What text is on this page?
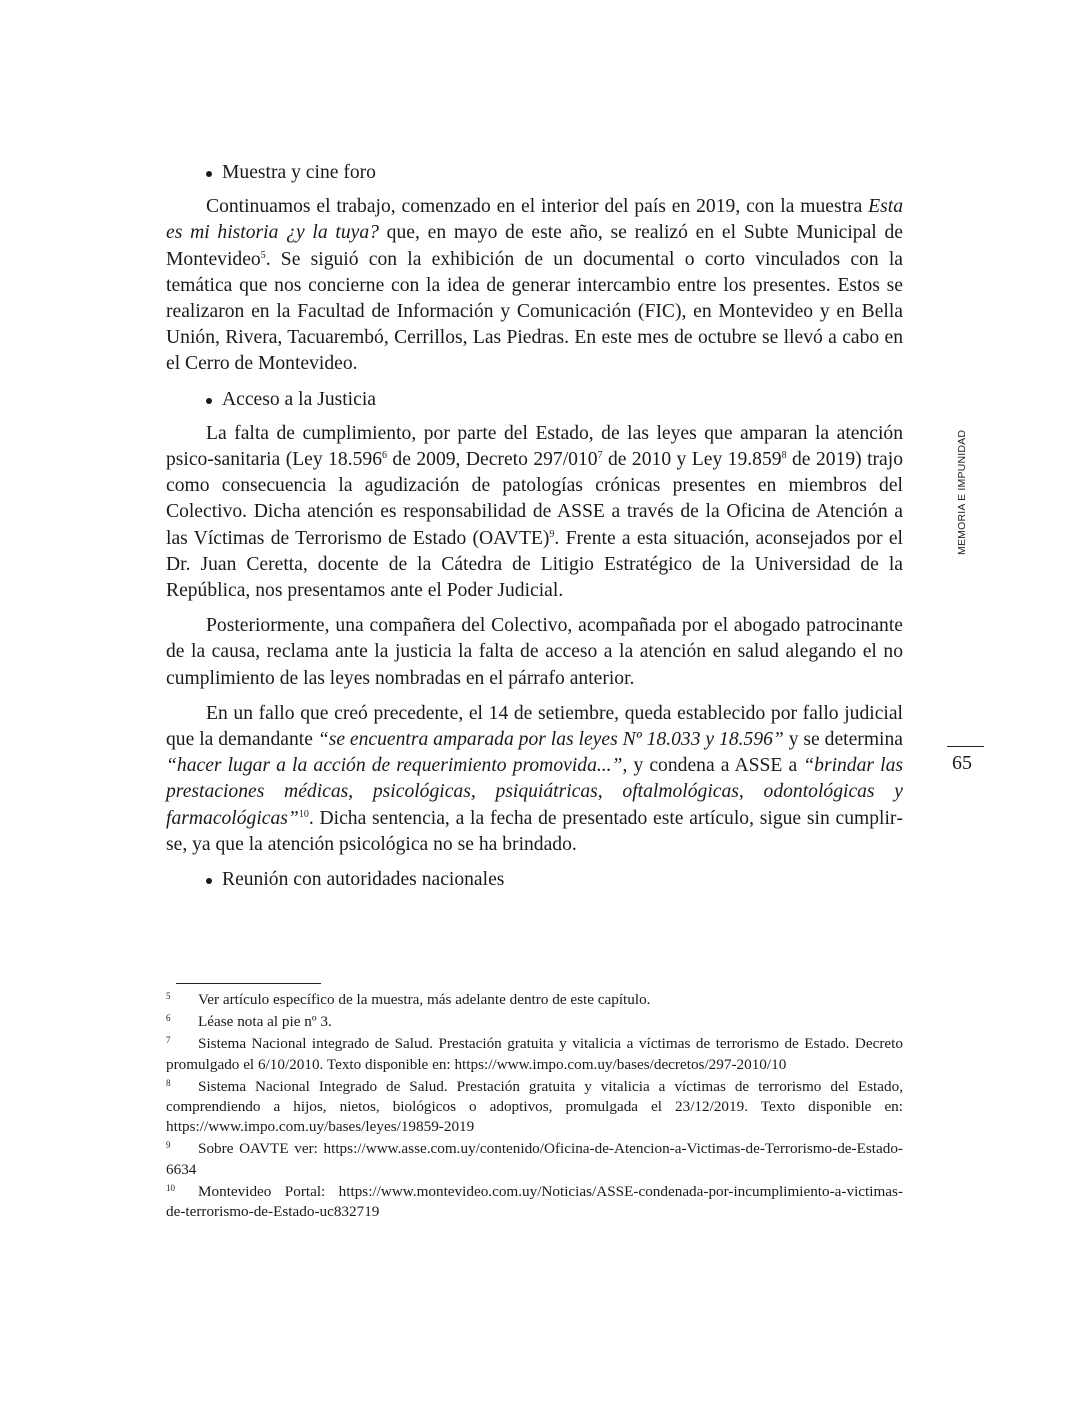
Muestra y cine foro

Continuamos el trabajo, comenzado en el interior del país en 2019, con la muestra Esta es mi historia ¿y la tuya? que, en mayo de este año, se realizó en el Subte Municipal de Montevideo$^5$. Se siguió con la exhibición de un documental o corto vinculados con la temática que nos concierne con la idea de generar intercambio entre los presentes. Estos se realizaron en la Facultad de Información y Comunicación (FIC), en Montevideo y en Bella Unión, Rivera, Tacuarembó, Cerrillos, Las Piedras. En este mes de octubre se llevó a cabo en el Cerro de Montevideo.

Acceso a la Justicia

La falta de cumplimiento, por parte del Estado, de las leyes que amparan la atención psico-sanitaria (Ley 18.596$^6$ de 2009, Decreto $297/010^7$ de 2010 y Ley 19.859$^8$ de 2019) trajo como consecuencia la agudización de patologías crónicas presentes en miembros del Colectivo. Dicha atención es responsabilidad de ASSE a través de la Oficina de Atención a las Víctimas de Terrorismo de Estado (OAVTE)$^9$. Frente a esta situación, aconsejados por el Dr. Juan Ceretta, docente de la Cátedra de Litigio Estratégico de la Universidad de la República, nos presentamos ante el Poder Judicial.

Posteriormente, una compañera del Colectivo, acompañada por el abogado patrocinante de la causa, reclama ante la justicia la falta de acceso a la atención en salud alegando el no cumplimiento de las leyes nombradas en el párrafo anterior.

En un fallo que creó precedente, el 14 de setiembre, queda establecido por fallo judicial que la demandante “se encuentra amparada por las leyes Nº 18.033 y 18.596” y se determina “hacer lugar a la acción de requerimiento promovida...”, y condena a ASSE a “brindar las prestaciones médicas, psicológicas, psiquiátricas, oftalmológicas, odontológicas y farmacológicas”$^{10}$. Dicha sentencia, a la fecha de presentado este artículo, sigue sin cumplirse, ya que la atención psicológica no se ha brindado.

Reunión con autoridades nacionales
MEMORIA E IMPUNIDAD
65

5 Ver artículo específico de la muestra, más adelante dentro de este capítulo.

6 Léase nota al pie nº 3.

7 Sistema Nacional integrado de Salud. Prestación gratuita y vitalicia a víctimas de terrorismo de Estado. Decreto promulgado el 6/10/2010. Texto disponible en: https://www.impo.com.uy/bases/decretos/297-2010/10

8 Sistema Nacional Integrado de Salud. Prestación gratuita y vitalicia a víctimas de terrorismo del Estado, comprendiendo a hijos, nietos, biológicos o adoptivos, promulgada el 23/12/2019. Texto disponible en: https://www.impo.com.uy/bases/leyes/19859-2019

9 Sobre OAVTE ver: https://www.asse.com.uy/contenido/Oficina-de-Atencion-a-Victimas-de-Terrorismo-de-Estado-6634

10 Montevideo Portal: https://www.montevideo.com.uy/Noticias/ASSE-condenada-por-incumplimiento-a-victimas-de-terrorismo-de-Estado-uc832719
